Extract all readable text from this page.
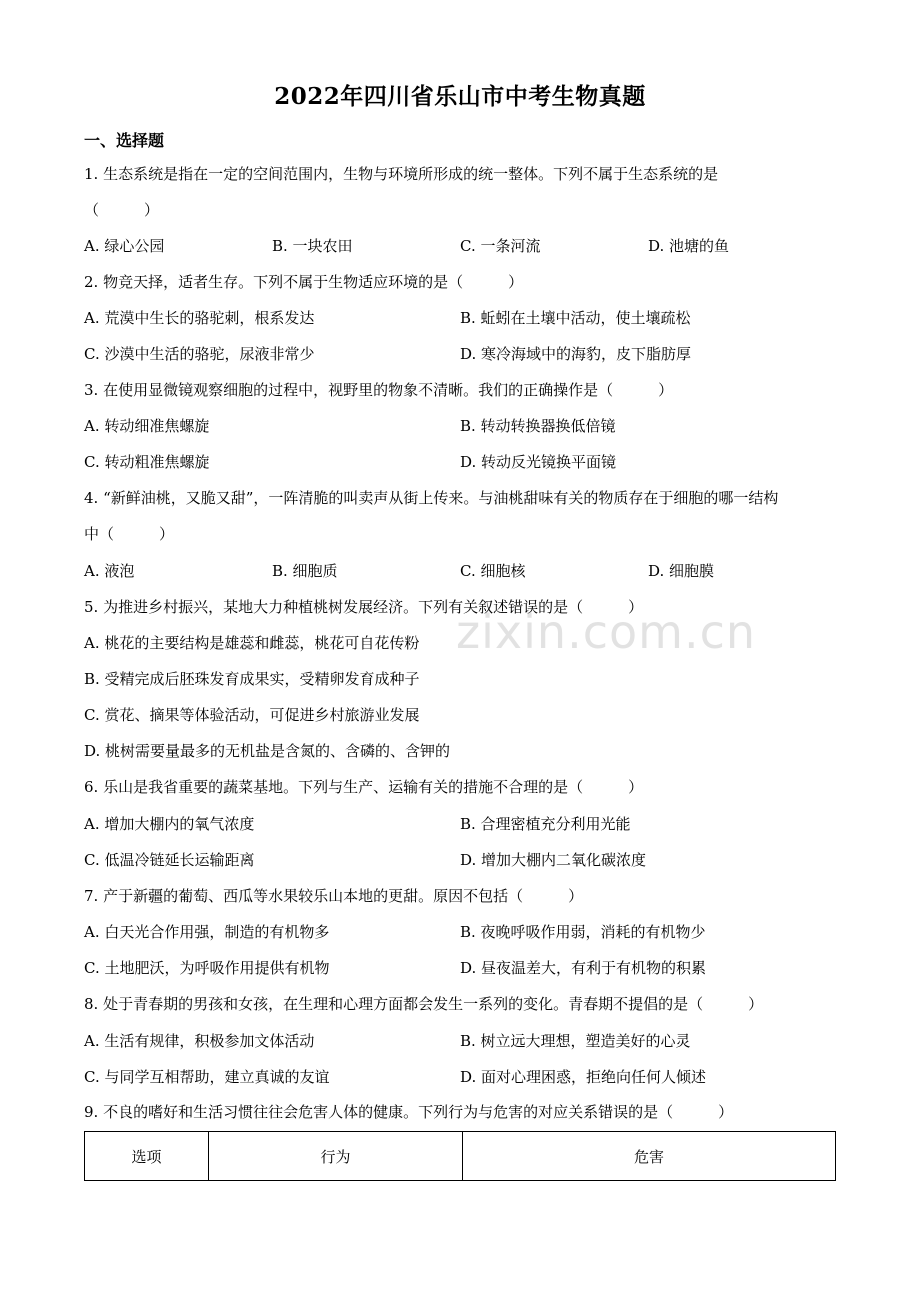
2022年四川省乐山市中考生物真题
一、选择题
zixin.com.cn
1. 生态系统是指在一定的空间范围内，生物与环境所形成的统一整体。下列不属于生态系统的是
（　　　）
A. 绿心公园	B. 一块农田	C. 一条河流	D. 池塘的鱼
2. 物竞天择，适者生存。下列不属于生物适应环境的是（　　　）
A. 荒漠中生长的骆驼刺，根系发达	B. 蚯蚓在土壤中活动，使土壤疏松
C. 沙漠中生活的骆驼，尿液非常少	D. 寒冷海域中的海豹，皮下脂肪厚
3. 在使用显微镜观察细胞的过程中，视野里的物象不清晰。我们的正确操作是（　　　）
A. 转动细准焦螺旋	B. 转动转换器换低倍镜
C. 转动粗准焦螺旋	D. 转动反光镜换平面镜
4. “新鲜油桃，又脆又甜”，一阵清脆的叫卖声从街上传来。与油桃甜味有关的物质存在于细胞的哪一结构
中（　　　）
A. 液泡	B. 细胞质	C. 细胞核	D. 细胞膜
5. 为推进乡村振兴，某地大力种植桃树发展经济。下列有关叙述错误的是（　　　）
A. 桃花的主要结构是雄蕊和雌蕊，桃花可自花传粉
B. 受精完成后胚珠发育成果实，受精卵发育成种子
C. 赏花、摘果等体验活动，可促进乡村旅游业发展
D. 桃树需要量最多的无机盐是含氮的、含磷的、含钾的
6. 乐山是我省重要的蔬菜基地。下列与生产、运输有关的措施不合理的是（　　　）
A. 增加大棚内的氧气浓度	B. 合理密植充分利用光能
C. 低温冷链延长运输距离	D. 增加大棚内二氧化碳浓度
7. 产于新疆的葡萄、西瓜等水果较乐山本地的更甜。原因不包括（　　　）
A. 白天光合作用强，制造的有机物多	B. 夜晚呼吸作用弱，消耗的有机物少
C. 土地肥沃，为呼吸作用提供有机物	D. 昼夜温差大，有利于有机物的积累
8. 处于青春期的男孩和女孩，在生理和心理方面都会发生一系列的变化。青春期不提倡的是（　　　）
A. 生活有规律，积极参加文体活动	B. 树立远大理想，塑造美好的心灵
C. 与同学互相帮助，建立真诚的友谊	D. 面对心理困惑，拒绝向任何人倾述
9. 不良的嗜好和生活习惯往往会危害人体的健康。下列行为与危害的对应关系错误的是（　　　）
选项	行为	危害
